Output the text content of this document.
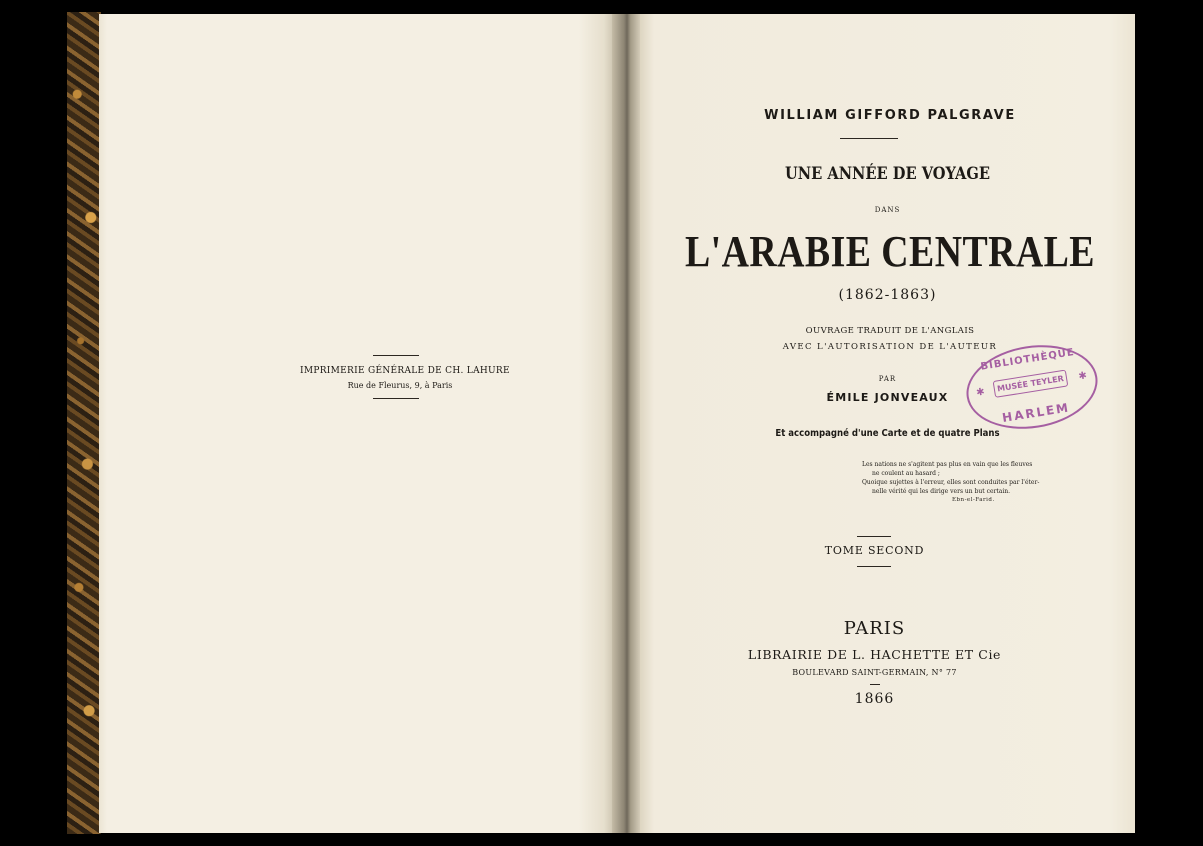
IMPRIMERIE GÉNÉRALE DE CH. LAHURE
Rue de Fleurus, 9, à Paris
WILLIAM GIFFORD PALGRAVE
UNE ANNÉE DE VOYAGE
DANS
L'ARABIE CENTRALE
(1862-1863)
OUVRAGE TRADUIT DE L'ANGLAIS
AVEC L'AUTORISATION DE L'AUTEUR
PAR
ÉMILE JONVEAUX
Et accompagné d'une Carte et de quatre Plans
Les nations ne s'agitent pas plus en vain que les fleuves
ne coulent au hasard ;
Quoique sujettes à l'erreur, elles sont conduites par l'éter-
nelle vérité qui les dirige vers un but certain.
Ebn-el-Farid.
TOME SECOND
PARIS
LIBRAIRIE DE L. HACHETTE ET Cie
BOULEVARD SAINT-GERMAIN, N° 77
1866
BIBLIOTHÈQUE
✱	MUSÉE TEYLER	✱
HARLEM
